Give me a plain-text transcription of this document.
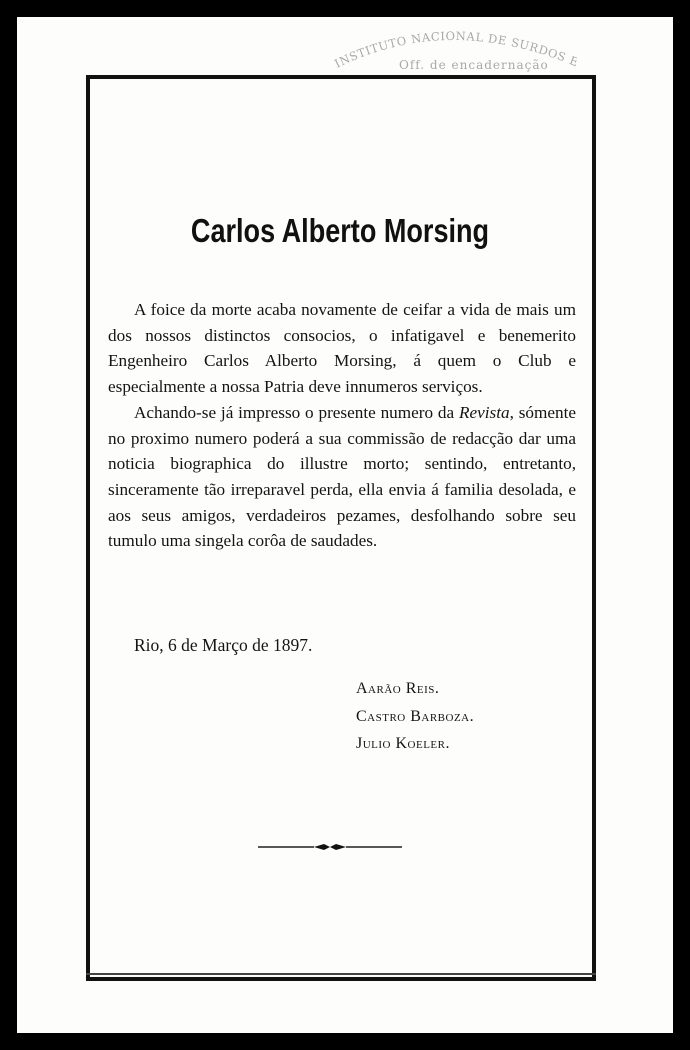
INSTITUTO NACIONAL DE SURDOS
Off. de encadernação
Carlos Alberto Morsing

A foice da morte acaba novamente de ceifar a vida de mais um dos nossos distinctos consocios, o infatigavel e benemerito Engenheiro Carlos Alberto Morsing, á quem o Club e especialmente a nossa Patria deve innumeros serviços.

Achando-se já impresso o presente numero da Revista, sómente no proximo numero poderá a sua commissão de redacção dar uma noticia biographica do illustre morto; sentindo, entretanto, sinceramente tão irreparavel perda, ella envia á familia desolada, e aos seus amigos, verdadeiros pezames, desfolhando sobre seu tumulo uma singela corôa de saudades.

Rio, 6 de Março de 1897.
Aarão Reis.
Castro Barboza.
Julio Koeler.
